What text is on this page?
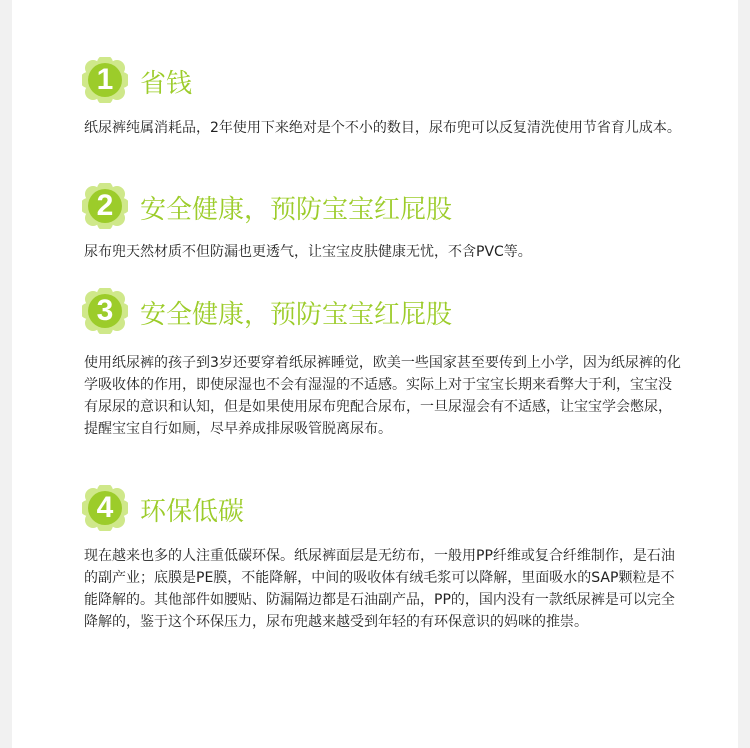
1	省钱
纸尿裤纯属消耗品，2年使用下来绝对是个不小的数目，尿布兜可以反复清洗使用节省育儿成本。
2	安全健康，预防宝宝红屁股
尿布兜天然材质不但防漏也更透气，让宝宝皮肤健康无忧，不含PVC等。
3	安全健康，预防宝宝红屁股
使用纸尿裤的孩子到3岁还要穿着纸尿裤睡觉，欧美一些国家甚至要传到上小学，因为纸尿裤的化学吸收体的作用，即使尿湿也不会有湿湿的不适感。实际上对于宝宝长期来看弊大于利，宝宝没有尿尿的意识和认知，但是如果使用尿布兜配合尿布，一旦尿湿会有不适感，让宝宝学会憋尿，提醒宝宝自行如厕，尽早养成排尿吸管脱离尿布。
4	环保低碳
现在越来也多的人注重低碳环保。纸尿裤面层是无纺布，一般用PP纤维或复合纤维制作，是石油的副产业；底膜是PE膜，不能降解，中间的吸收体有绒毛浆可以降解，里面吸水的SAP颗粒是不能降解的。其他部件如腰贴、防漏隔边都是石油副产品，PP的，国内没有一款纸尿裤是可以完全降解的，鉴于这个环保压力，尿布兜越来越受到年轻的有环保意识的妈咪的推崇。
